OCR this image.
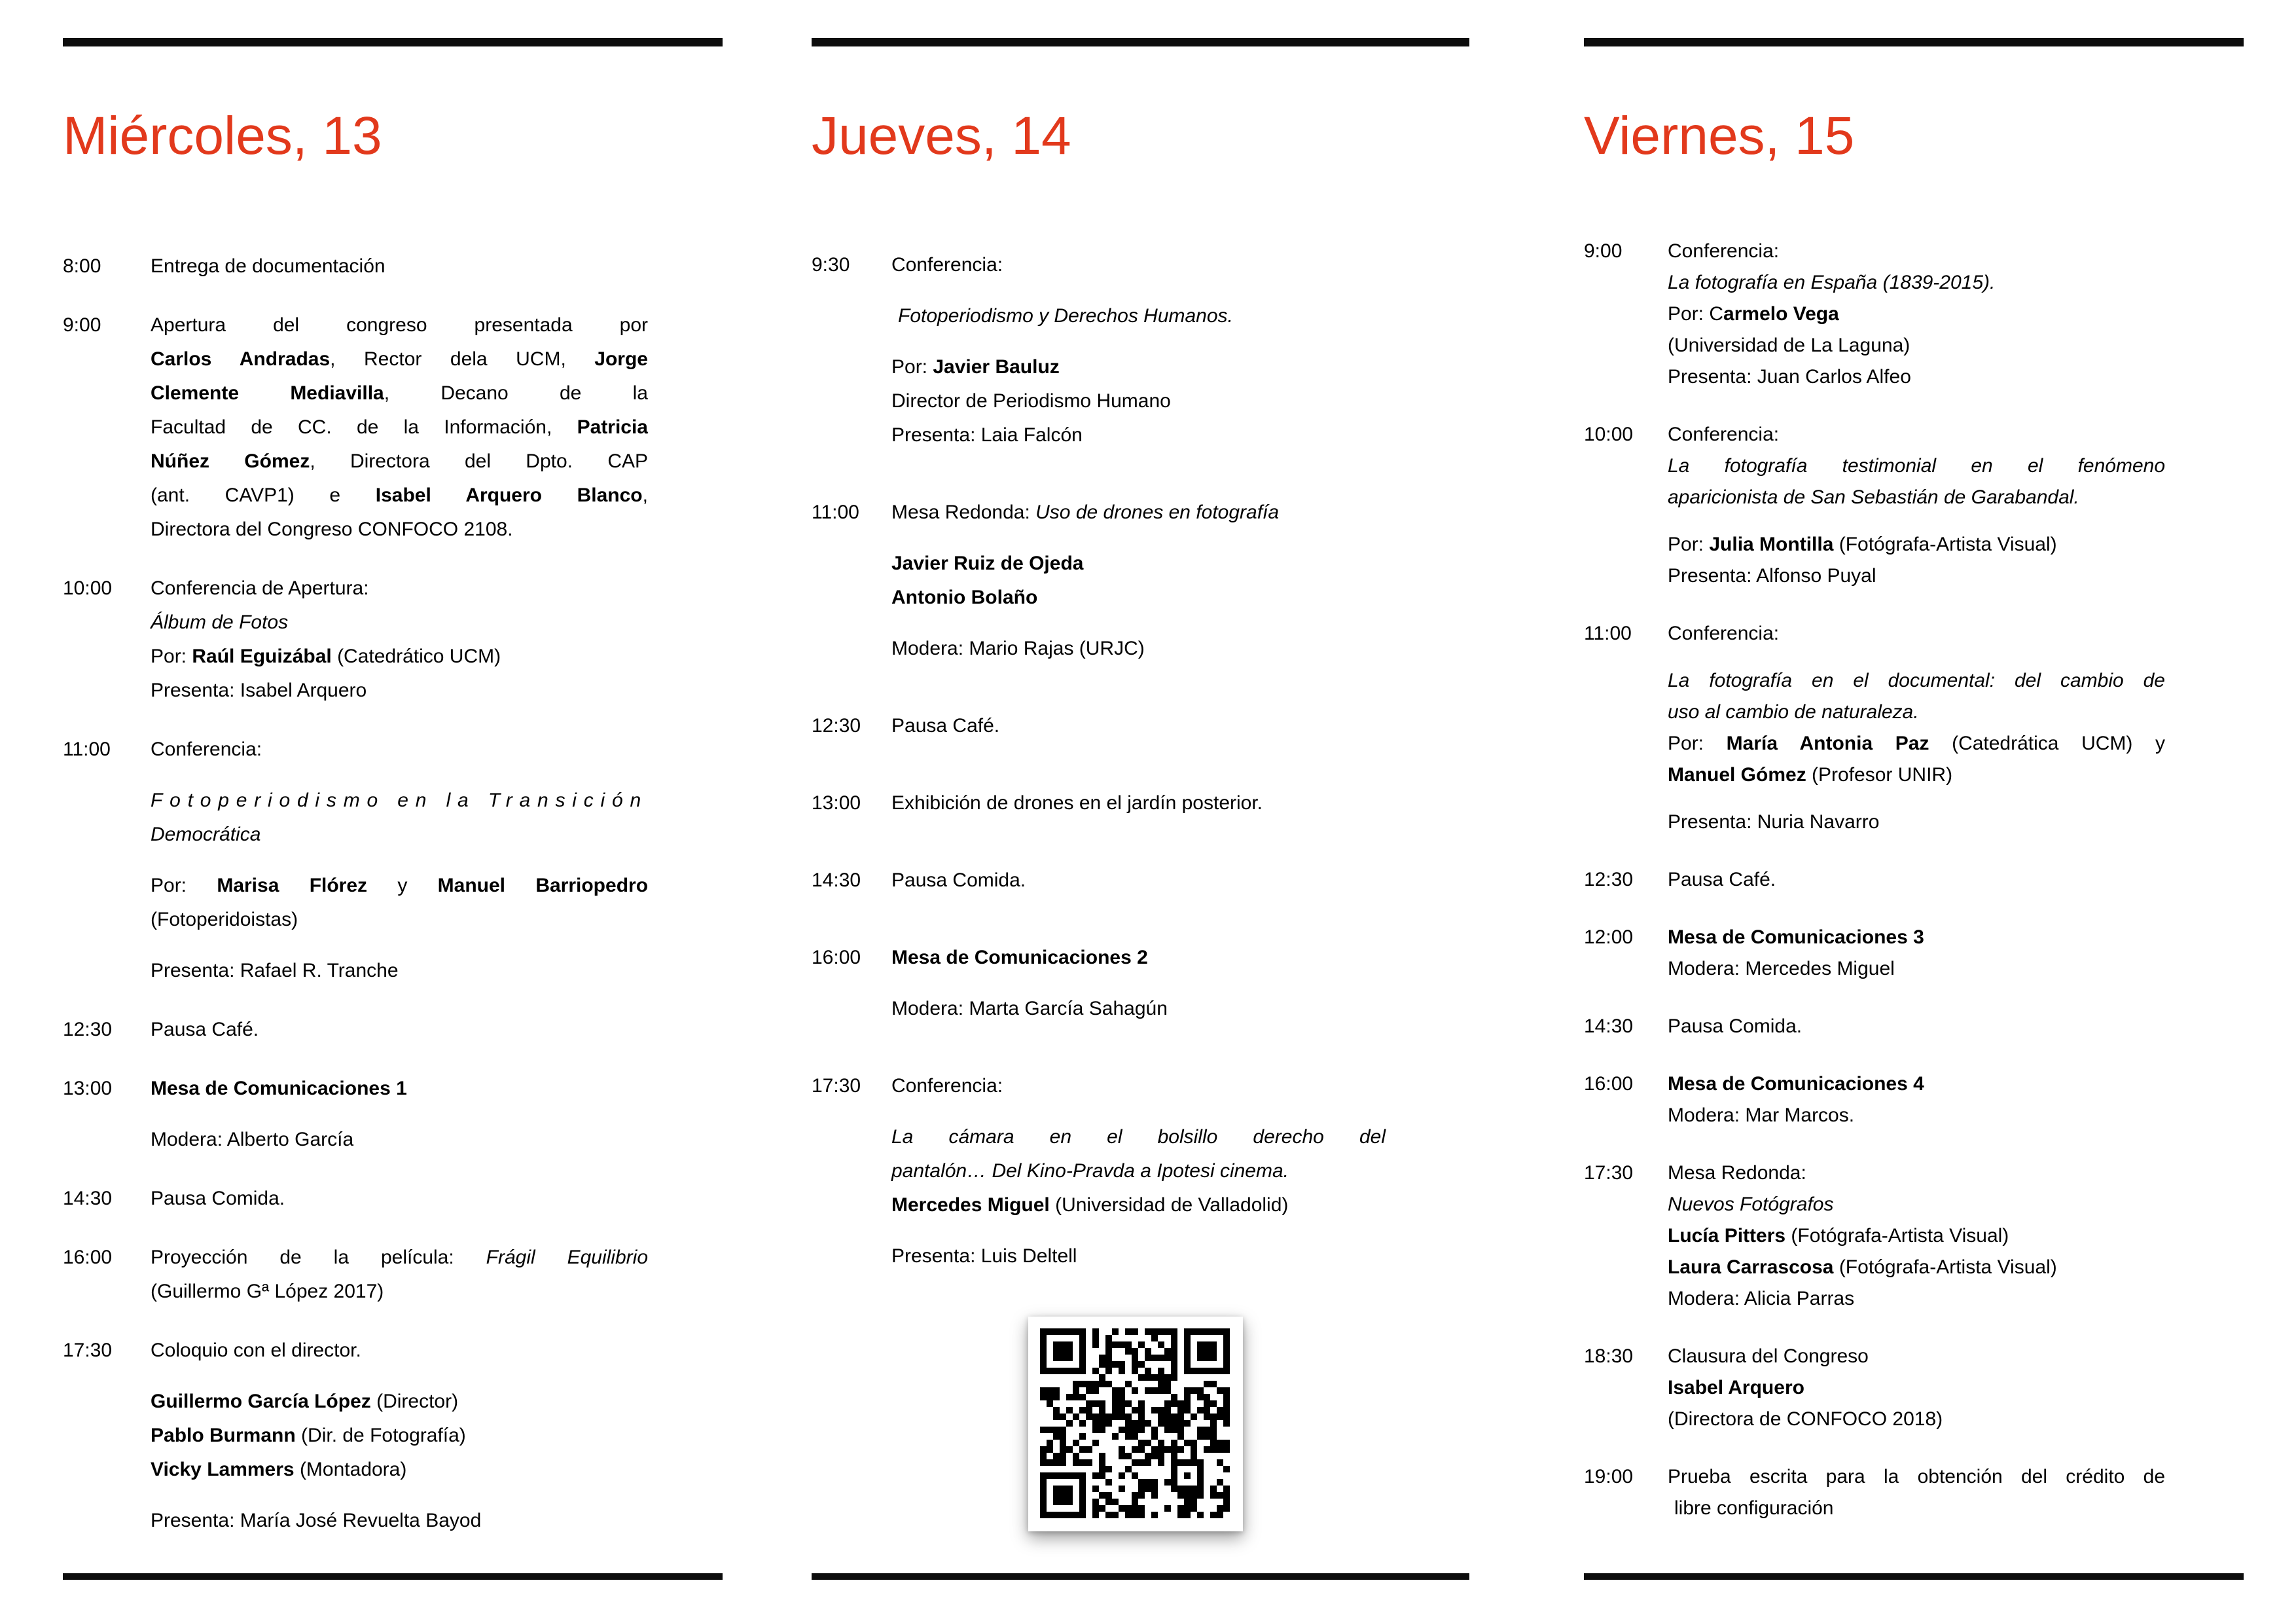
Miércoles, 13
8:00	Entrega de documentación

9:00	Apertura del congreso presentada por

Carlos Andradas, Rector dela UCM, Jorge

Clemente Mediavilla, Decano de la

Facultad de CC. de la Información, Patricia

Núñez Gómez, Directora del Dpto. CAP

(ant. CAVP1) e Isabel Arquero Blanco,

Directora del Congreso CONFOCO 2108.

10:00	Conferencia de Apertura:

Álbum de Fotos

Por: Raúl Eguizábal (Catedrático UCM)

Presenta: Isabel Arquero

11:00	Conferencia:

Fotoperiodismo en la Transición

Democrática

Por: Marisa Flórez y Manuel Barriopedro

(Fotoperidoistas)

Presenta: Rafael R. Tranche

12:30	Pausa Café.

13:00	Mesa de Comunicaciones 1

Modera: Alberto García

14:30	Pausa Comida.

16:00	Proyección de la película: Frágil Equilibrio

(Guillermo Gª López 2017)

17:30	Coloquio con el director.

Guillermo García López (Director)

Pablo Burmann (Dir. de Fotografía)

Vicky Lammers (Montadora)

Presenta: María José Revuelta Bayod

Jueves, 14
9:30	Conferencia:

Fotoperiodismo y Derechos Humanos.

Por: Javier Bauluz

Director de Periodismo Humano

Presenta: Laia Falcón

11:00	Mesa Redonda: Uso de drones en fotografía

Javier Ruiz de Ojeda

Antonio Bolaño

Modera: Mario Rajas (URJC)

12:30	Pausa Café.

13:00	Exhibición de drones en el jardín posterior.

14:30	Pausa Comida.

16:00	Mesa de Comunicaciones 2

Modera: Marta García Sahagún

17:30	Conferencia:

La cámara en el bolsillo derecho del

pantalón… Del Kino-Pravda a Ipotesi cinema.

Mercedes Miguel (Universidad de Valladolid)

Presenta: Luis Deltell

Viernes, 15
9:00	Conferencia:

La fotografía en España (1839-2015).

Por: Carmelo Vega

(Universidad de La Laguna)

Presenta: Juan Carlos Alfeo

10:00	Conferencia:

La fotografía testimonial en el fenómeno

aparicionista de San Sebastián de Garabandal.

Por: Julia Montilla (Fotógrafa-Artista Visual)

Presenta: Alfonso Puyal

11:00	Conferencia:

La fotografía en el documental: del cambio de

uso al cambio de naturaleza.

Por: María Antonia Paz (Catedrática UCM) y

Manuel Gómez (Profesor UNIR)

Presenta: Nuria Navarro

12:30	Pausa Café.

12:00	Mesa de Comunicaciones 3

Modera: Mercedes Miguel

14:30	Pausa Comida.

16:00	Mesa de Comunicaciones 4

Modera: Mar Marcos.

17:30	Mesa Redonda:

Nuevos Fotógrafos

Lucía Pitters (Fotógrafa-Artista Visual)

Laura Carrascosa (Fotógrafa-Artista Visual)

Modera: Alicia Parras

18:30	Clausura del Congreso

Isabel Arquero

(Directora de CONFOCO 2018)

19:00	Prueba escrita para la obtención del crédito de

libre configuración
